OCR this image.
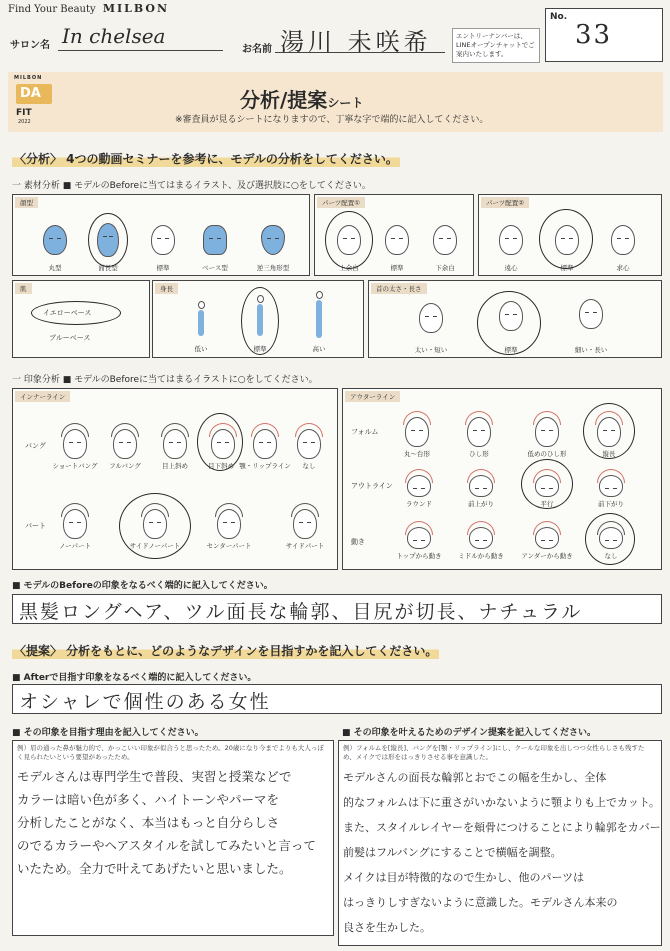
Find Your Beauty MILBON
サロン名 In chelsea
お名前 湯川 未咲希	エントリーナンバーは、LINEオープンチャットでご案内いたします。
No.
33
MILBON
DA
FIT
2022
分析/提案シート
※審査員が見るシートになりますので、丁寧な字で端的に記入してください。
〈分析〉 4つの動画セミナーを参考に、モデルの分析をしてください。
一 素材分析 ■ モデルのBeforeに当てはまるイラスト、及び選択肢に○をしてください。
顔型
丸型	面長型	標準	ベース型	逆三角形型
パーツ配置①
上余白	標準	下余白
パーツ配置②
遠心	標準	求心
肌
イエローベース
ブルーベース
身長
低い	標準	高い
首の太さ・長さ
太い・短い	標準	細い・長い
一 印象分析 ■ モデルのBeforeに当てはまるイラストに○をしてください。
インナーライン
バング
ショートバング	フルバング	目上斜め	目下斜め 顎・リップライン	なし
パート
ノーパート	サイドノーパート	センターパート	サイドパート
アウターライン
フォルム
丸～台形	ひし形	低めのひし形	縦長
アウトライン
ラウンド	前上がり	平行	前下がり
動き
トップから動き	ミドルから動き	アンダーから動き	なし
■ モデルのBeforeの印象をなるべく端的に記入してください。
黒髪ロングヘア、ツル面長な輪郭、目尻が切長、ナチュラル
〈提案〉 分析をもとに、どのようなデザインを目指すかを記入してください。
■ Afterで目指す印象をなるべく端的に記入してください。
オシャレで個性のある女性
■ その印象を目指す理由を記入してください。
例）眉の通った鼻が魅力的で、かっこいい印象が似合うと思ったため。20歳になり今までよりも大人っぽく見られたいという要望があったため。
モデルさんは専門学生で普段、実習と授業などで
カラーは暗い色が多く、ハイトーンやパーマを
分析したことがなく、本当はもっと自分らしさ
のでるカラーやヘアスタイルを試してみたいと言って
いたため。全力で叶えてあげたいと思いました。
■ その印象を叶えるためのデザイン提案を記入してください。
例）フォルムを[縦長]、バングを[顎・リップライン]にし、クールな印象を出しつつ女性らしさも残すため、メイクでは形をはっきりさせる事を意識した。
モデルさんの面長な輪郭とおでこの幅を生かし、全体
的なフォルムは下に重さがいかないように顎よりも上でカット。
また、スタイルレイヤーを頬骨につけることにより輪郭をカバー
前髪はフルバングにすることで横幅を調整。
メイクは目が特徴的なので生かし、他のパーツは
はっきりしすぎないように意識した。モデルさん本来の
良さを生かした。
